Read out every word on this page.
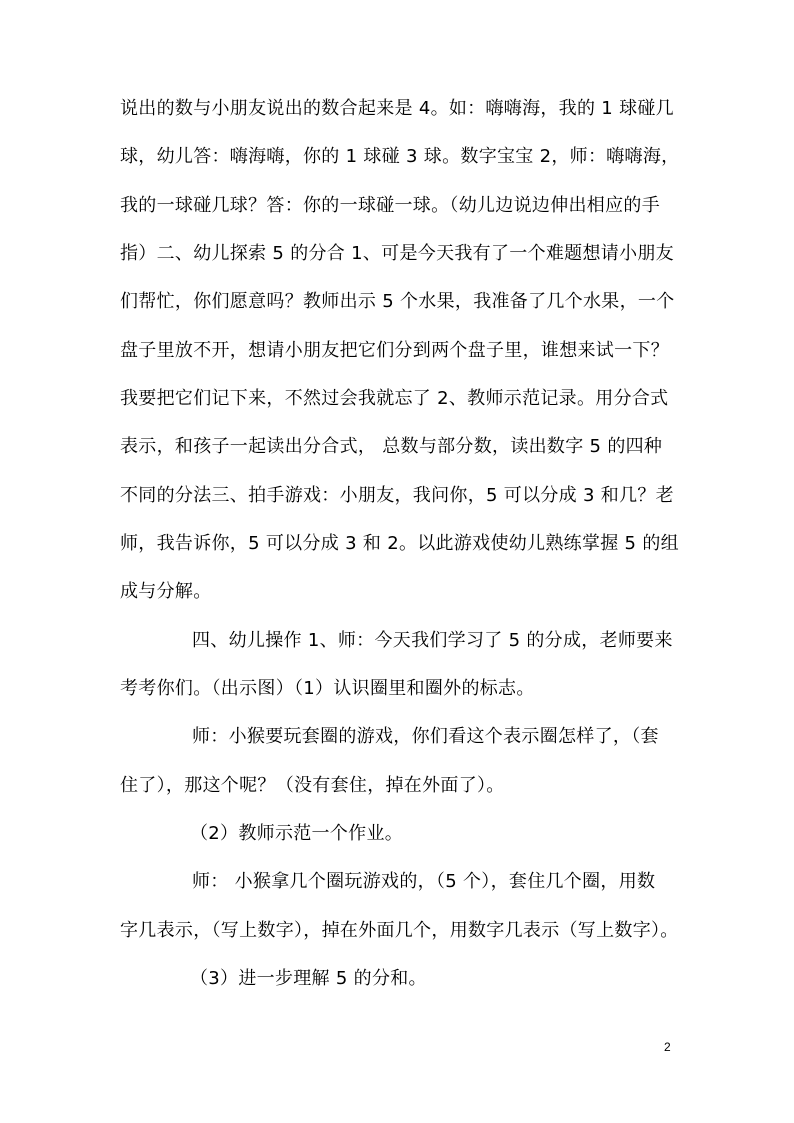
说出的数与小朋友说出的数合起来是 4。如：嗨嗨海，我的 1 球碰几
球，幼儿答：嗨海嗨，你的 1 球碰 3 球。数字宝宝 2，师：嗨嗨海，
我的一球碰几球？答：你的一球碰一球。（幼儿边说边伸出相应的手
指）二、幼儿探索 5 的分合 1、可是今天我有了一个难题想请小朋友
们帮忙，你们愿意吗？教师出示 5 个水果，我准备了几个水果，一个
盘子里放不开，想请小朋友把它们分到两个盘子里，谁想来试一下？
我要把它们记下来，不然过会我就忘了 2、教师示范记录。用分合式
表示，和孩子一起读出分合式， 总数与部分数，读出数字 5 的四种
不同的分法三、拍手游戏：小朋友，我问你，5 可以分成 3 和几？老
师，我告诉你，5 可以分成 3 和 2。以此游戏使幼儿熟练掌握 5 的组
成与分解。
四、幼儿操作 1、师：今天我们学习了 5 的分成，老师要来
考考你们。（出示图）（1）认识圈里和圈外的标志。
师：小猴要玩套圈的游戏，你们看这个表示圈怎样了，（套
住了），那这个呢？（没有套住，掉在外面了）。
（2）教师示范一个作业。
师： 小猴拿几个圈玩游戏的，（5 个），套住几个圈，用数
字几表示，（写上数字），掉在外面几个，用数字几表示（写上数字）。
（3）进一步理解 5 的分和。
2
